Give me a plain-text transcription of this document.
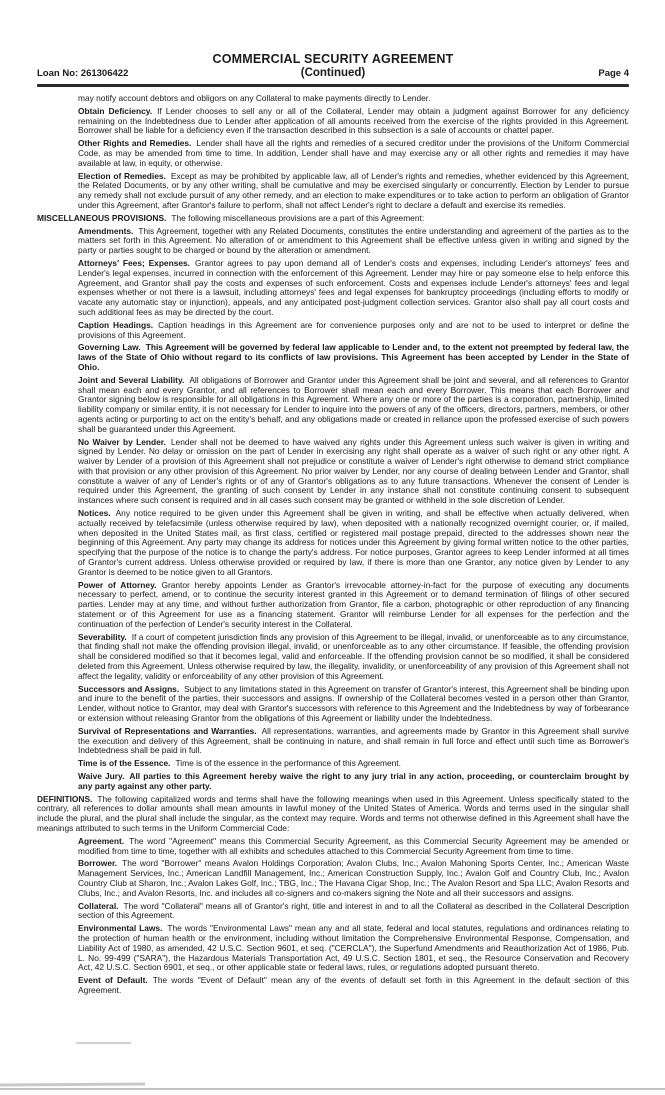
Loan No: 261306422
COMMERCIAL SECURITY AGREEMENT
(Continued)	Page 4
may notify account debtors and obligors on any Collateral to make payments directly to Lender.
Obtain Deficiency. If Lender chooses to sell any or all of the Collateral, Lender may obtain a judgment against Borrower for any deficiency remaining on the Indebtedness due to Lender after application of all amounts received from the exercise of the rights provided in this Agreement. Borrower shall be liable for a deficiency even if the transaction described in this subsection is a sale of accounts or chattel paper.
Other Rights and Remedies. Lender shall have all the rights and remedies of a secured creditor under the provisions of the Uniform Commercial Code, as may be amended from time to time. In addition, Lender shall have and may exercise any or all other rights and remedies it may have available at law, in equity, or otherwise.
Election of Remedies. Except as may be prohibited by applicable law, all of Lender's rights and remedies, whether evidenced by this Agreement, the Related Documents, or by any other writing, shall be cumulative and may be exercised singularly or concurrently. Election by Lender to pursue any remedy shall not exclude pursuit of any other remedy, and an election to make expenditures or to take action to perform an obligation of Grantor under this Agreement, after Grantor's failure to perform, shall not affect Lender's right to declare a default and exercise its remedies.
MISCELLANEOUS PROVISIONS. The following miscellaneous provisions are a part of this Agreement:
Amendments. This Agreement, together with any Related Documents, constitutes the entire understanding and agreement of the parties as to the matters set forth in this Agreement. No alteration of or amendment to this Agreement shall be effective unless given in writing and signed by the party or parties sought to be charged or bound by the alteration or amendment.
Attorneys' Fees; Expenses. Grantor agrees to pay upon demand all of Lender's costs and expenses, including Lender's attorneys' fees and Lender's legal expenses, incurred in connection with the enforcement of this Agreement. Lender may hire or pay someone else to help enforce this Agreement, and Grantor shall pay the costs and expenses of such enforcement. Costs and expenses include Lender's attorneys' fees and legal expenses whether or not there is a lawsuit, including attorneys' fees and legal expenses for bankruptcy proceedings (including efforts to modify or vacate any automatic stay or injunction), appeals, and any anticipated post-judgment collection services. Grantor also shall pay all court costs and such additional fees as may be directed by the court.
Caption Headings. Caption headings in this Agreement are for convenience purposes only and are not to be used to interpret or define the provisions of this Agreement.
Governing Law. This Agreement will be governed by federal law applicable to Lender and, to the extent not preempted by federal law, the laws of the State of Ohio without regard to its conflicts of law provisions. This Agreement has been accepted by Lender in the State of Ohio.
Joint and Several Liability. All obligations of Borrower and Grantor under this Agreement shall be joint and several, and all references to Grantor shall mean each and every Grantor, and all references to Borrower shall mean each and every Borrower. This means that each Borrower and Grantor signing below is responsible for all obligations in this Agreement. Where any one or more of the parties is a corporation, partnership, limited liability company or similar entity, it is not necessary for Lender to inquire into the powers of any of the officers, directors, partners, members, or other agents acting or purporting to act on the entity's behalf, and any obligations made or created in reliance upon the professed exercise of such powers shall be guaranteed under this Agreement.
No Waiver by Lender. Lender shall not be deemed to have waived any rights under this Agreement unless such waiver is given in writing and signed by Lender. No delay or omission on the part of Lender in exercising any right shall operate as a waiver of such right or any other right. A waiver by Lender of a provision of this Agreement shall not prejudice or constitute a waiver of Lender's right otherwise to demand strict compliance with that provision or any other provision of this Agreement. No prior waiver by Lender, nor any course of dealing between Lender and Grantor, shall constitute a waiver of any of Lender's rights or of any of Grantor's obligations as to any future transactions. Whenever the consent of Lender is required under this Agreement, the granting of such consent by Lender in any instance shall not constitute continuing consent to subsequent instances where such consent is required and in all cases such consent may be granted or withheld in the sole discretion of Lender.
Notices. Any notice required to be given under this Agreement shall be given in writing, and shall be effective when actually delivered, when actually received by telefacsimile (unless otherwise required by law), when deposited with a nationally recognized overnight courier, or, if mailed, when deposited in the United States mail, as first class, certified or registered mail postage prepaid, directed to the addresses shown near the beginning of this Agreement. Any party may change its address for notices under this Agreement by giving formal written notice to the other parties, specifying that the purpose of the notice is to change the party's address. For notice purposes, Grantor agrees to keep Lender informed at all times of Grantor's current address. Unless otherwise provided or required by law, if there is more than one Grantor, any notice given by Lender to any Grantor is deemed to be notice given to all Grantors.
Power of Attorney. Grantor hereby appoints Lender as Grantor's irrevocable attorney-in-fact for the purpose of executing any documents necessary to perfect, amend, or to continue the security interest granted in this Agreement or to demand termination of filings of other secured parties. Lender may at any time, and without further authorization from Grantor, file a carbon, photographic or other reproduction of any financing statement or of this Agreement for use as a financing statement. Grantor will reimburse Lender for all expenses for the perfection and the continuation of the perfection of Lender's security interest in the Collateral.
Severability. If a court of competent jurisdiction finds any provision of this Agreement to be illegal, invalid, or unenforceable as to any circumstance, that finding shall not make the offending provision illegal, invalid, or unenforceable as to any other circumstance. If feasible, the offending provision shall be considered modified so that it becomes legal, valid and enforceable. If the offending provision cannot be so modified, it shall be considered deleted from this Agreement. Unless otherwise required by law, the illegality, invalidity, or unenforceability of any provision of this Agreement shall not affect the legality, validity or enforceability of any other provision of this Agreement.
Successors and Assigns. Subject to any limitations stated in this Agreement on transfer of Grantor's interest, this Agreement shall be binding upon and inure to the benefit of the parties, their successors and assigns. If ownership of the Collateral becomes vested in a person other than Grantor, Lender, without notice to Grantor, may deal with Grantor's successors with reference to this Agreement and the Indebtedness by way of forbearance or extension without releasing Grantor from the obligations of this Agreement or liability under the Indebtedness.
Survival of Representations and Warranties. All representations, warranties, and agreements made by Grantor in this Agreement shall survive the execution and delivery of this Agreement, shall be continuing in nature, and shall remain in full force and effect until such time as Borrower's Indebtedness shall be paid in full.
Time is of the Essence. Time is of the essence in the performance of this Agreement.
Waive Jury. All parties to this Agreement hereby waive the right to any jury trial in any action, proceeding, or counterclaim brought by any party against any other party.
DEFINITIONS. The following capitalized words and terms shall have the following meanings when used in this Agreement. Unless specifically stated to the contrary, all references to dollar amounts shall mean amounts in lawful money of the United States of America. Words and terms used in the singular shall include the plural, and the plural shall include the singular, as the context may require. Words and terms not otherwise defined in this Agreement shall have the meanings attributed to such terms in the Uniform Commercial Code:
Agreement. The word "Agreement" means this Commercial Security Agreement, as this Commercial Security Agreement may be amended or modified from time to time, together with all exhibits and schedules attached to this Commercial Security Agreement from time to time.
Borrower. The word "Borrower" means Avalon Holdings Corporation; Avalon Clubs, Inc.; Avalon Mahoning Sports Center, Inc.; American Waste Management Services, Inc.; American Landfill Management, Inc.; American Construction Supply, Inc.; Avalon Golf and Country Club, Inc.; Avalon Country Club at Sharon, Inc.; Avalon Lakes Golf, Inc.; TBG, Inc.; The Havana Cigar Shop, Inc.; The Avalon Resort and Spa LLC; Avalon Resorts and Clubs, Inc.; and Avalon Resorts, Inc. and includes all co-signers and co-makers signing the Note and all their successors and assigns.
Collateral. The word "Collateral" means all of Grantor's right, title and interest in and to all the Collateral as described in the Collateral Description section of this Agreement.
Environmental Laws. The words "Environmental Laws" mean any and all state, federal and local statutes, regulations and ordinances relating to the protection of human health or the environment, including without limitation the Comprehensive Environmental Response, Compensation, and Liability Act of 1980, as amended, 42 U.S.C. Section 9601, et seq. ("CERCLA"), the Superfund Amendments and Reauthorization Act of 1986, Pub. L. No. 99-499 ("SARA"), the Hazardous Materials Transportation Act, 49 U.S.C. Section 1801, et seq., the Resource Conservation and Recovery Act, 42 U.S.C. Section 6901, et seq., or other applicable state or federal laws, rules, or regulations adopted pursuant thereto.
Event of Default. The words "Event of Default" mean any of the events of default set forth in this Agreement in the default section of this Agreement.
